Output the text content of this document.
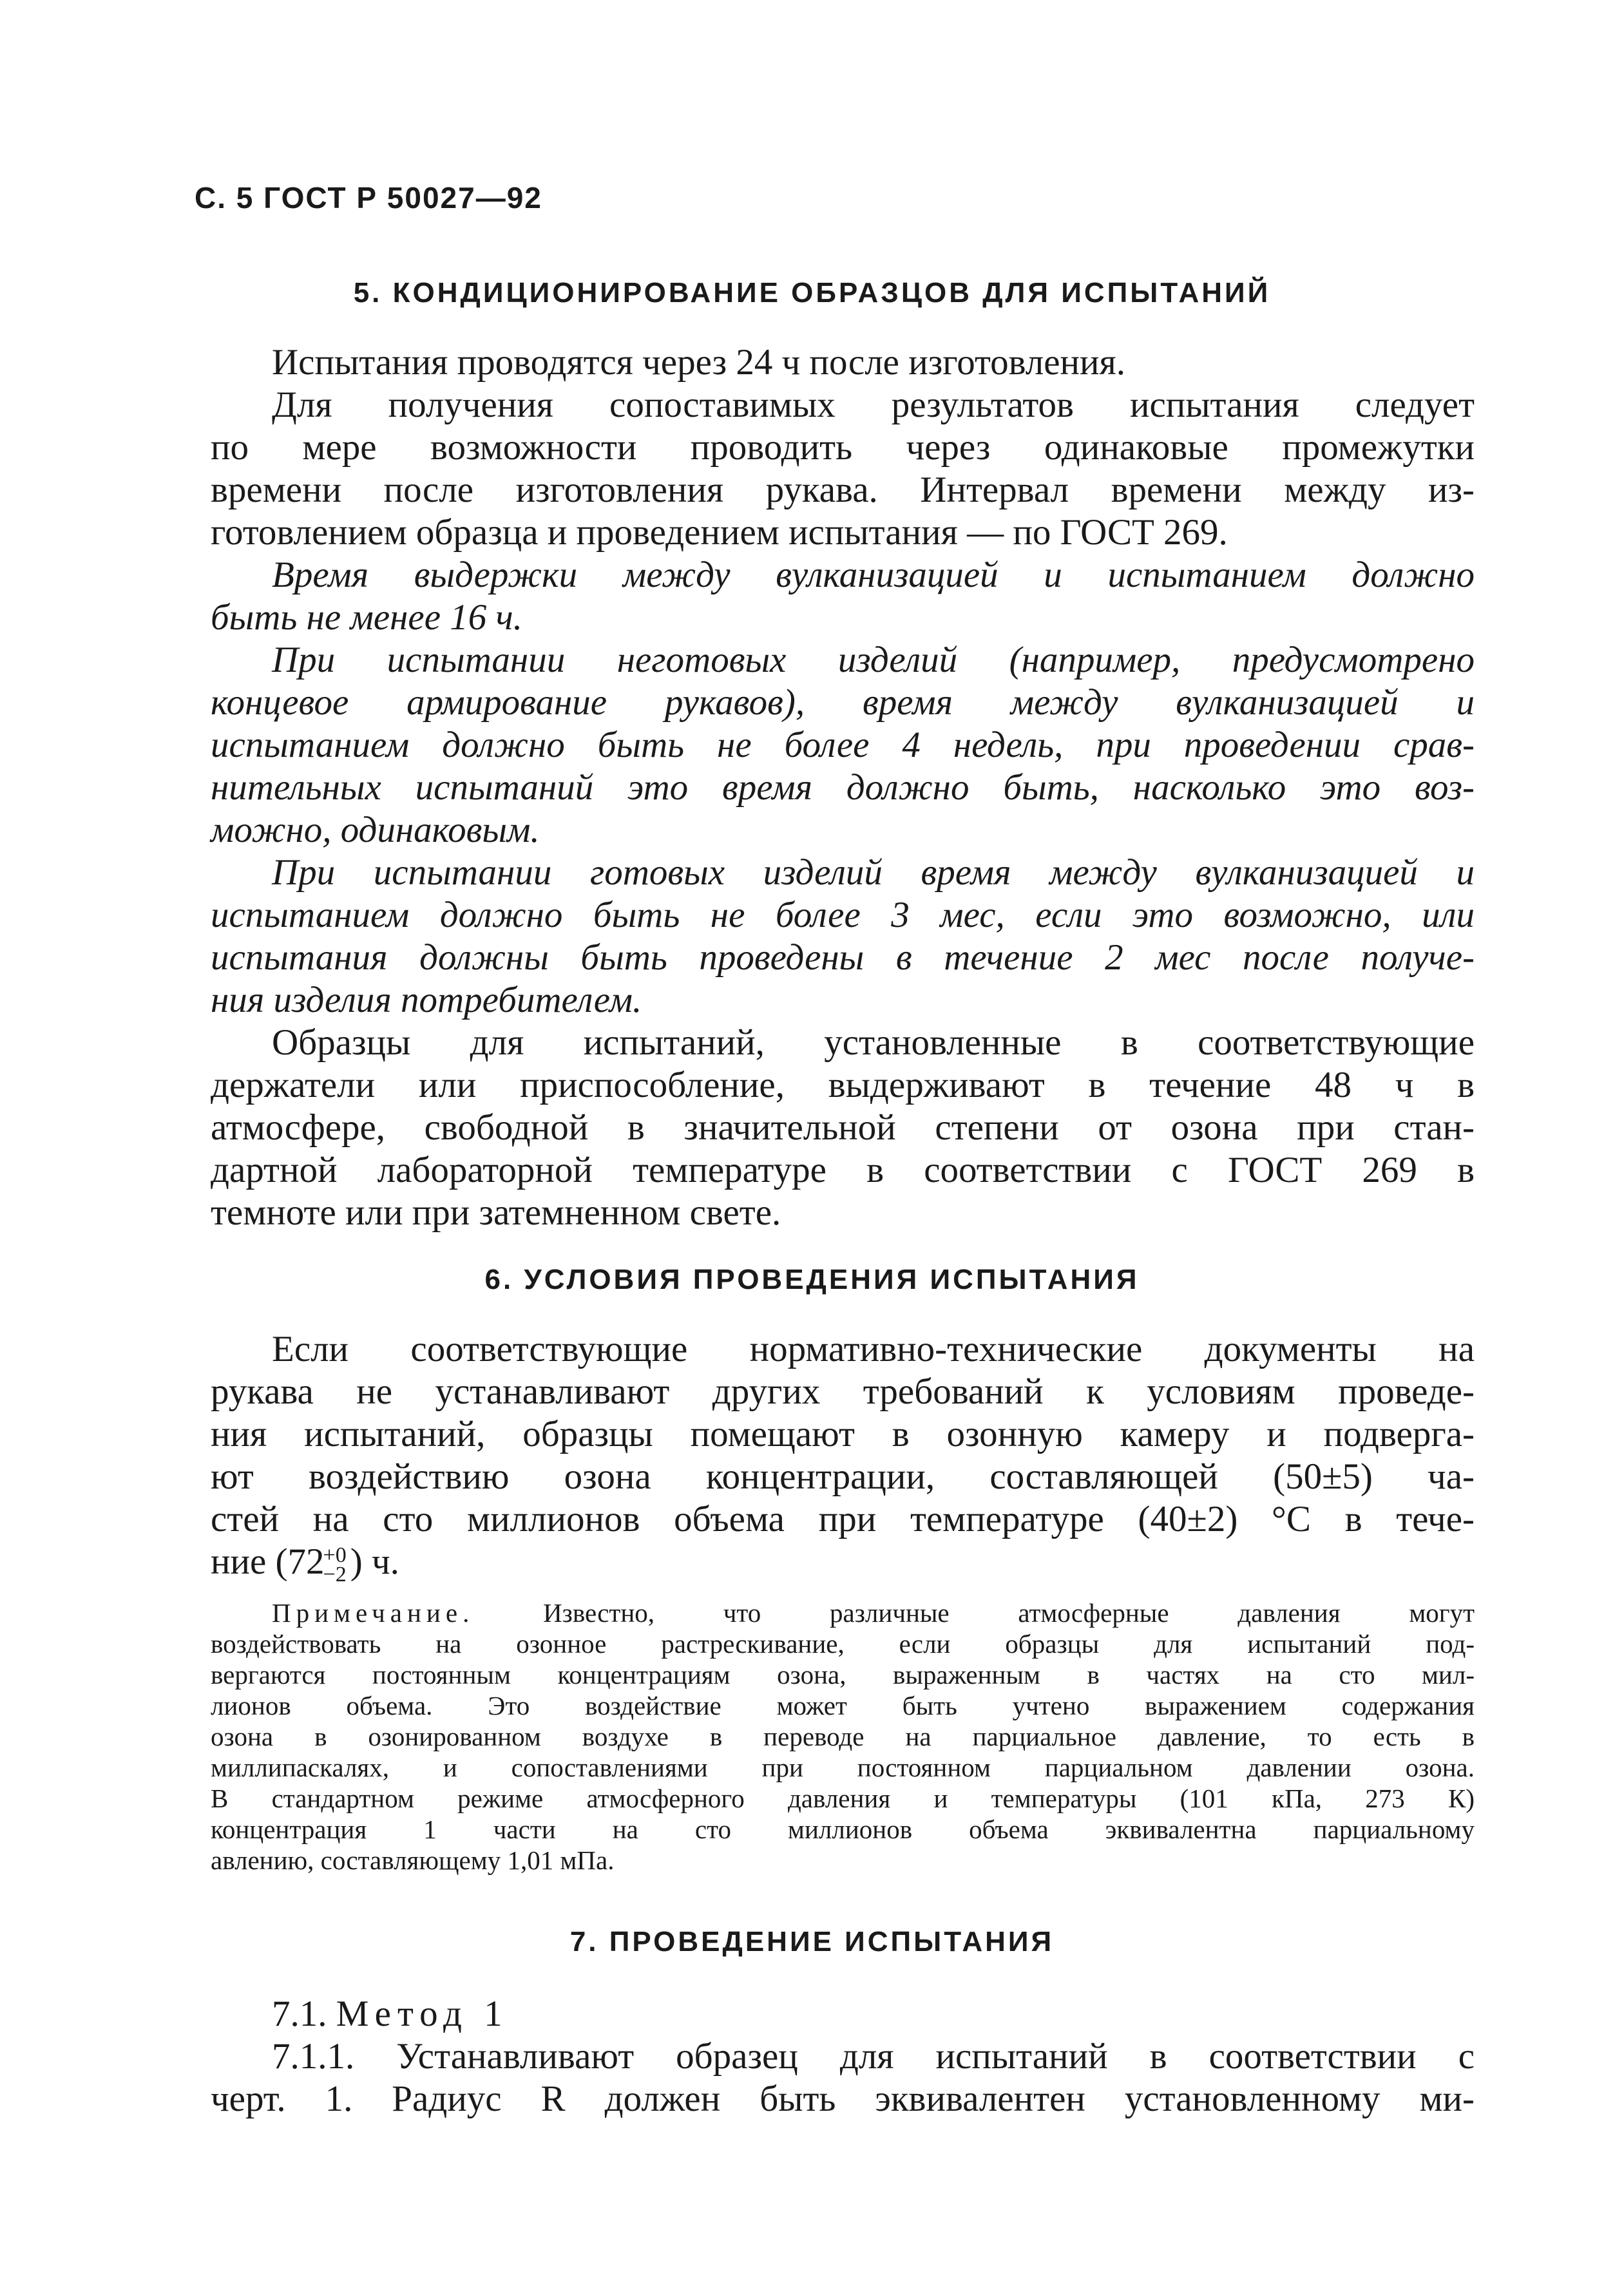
С. 5 ГОСТ Р 50027—92
5. КОНДИЦИОНИРОВАНИЕ ОБРАЗЦОВ ДЛЯ ИСПЫТАНИЙ
Испытания проводятся через 24 ч после изготовления.
Для получения сопоставимых результатов испытания следует
по мере возможности проводить через одинаковые промежутки
времени после изготовления рукава. Интервал времени между из-
готовлением образца и проведением испытания — по ГОСТ 269.
Время выдержки между вулканизацией и испытанием должно
быть не менее 16 ч.
При испытании неготовых изделий (например, предусмотрено
концевое армирование рукавов), время между вулканизацией и
испытанием должно быть не более 4 недель, при проведении срав-
нительных испытаний это время должно быть, насколько это воз-
можно, одинаковым.
При испытании готовых изделий время между вулканизацией и
испытанием должно быть не более 3 мес, если это возможно, или
испытания должны быть проведены в течение 2 мес после получе-
ния изделия потребителем.
Образцы для испытаний, установленные в соответствующие
держатели или приспособление, выдерживают в течение 48 ч в
атмосфере, свободной в значительной степени от озона при стан-
дартной лабораторной температуре в соответствии с ГОСТ 269 в
темноте или при затемненном свете.
6. УСЛОВИЯ ПРОВЕДЕНИЯ ИСПЫТАНИЯ
Если соответствующие нормативно-технические документы на
рукава не устанавливают других требований к условиям проведе-
ния испытаний, образцы помещают в озонную камеру и подверга-
ют воздействию озона концентрации, составляющей (50±5) ча-
стей на сто миллионов объема при температуре (40±2) °С в тече-
ние (72
+0
−2 ) ч.
Примечание.	Известно, что различные атмосферные давления могут
воздействовать на озонное растрескивание, если образцы для испытаний под-
вергаются постоянным концентрациям озона, выраженным в частях на сто мил-
лионов объема. Это воздействие может быть учтено выражением содержания
озона в озонированном воздухе в переводе на парциальное давление, то есть в
миллипаскалях, и сопоставлениями при постоянном парциальном давлении озона.
В стандартном режиме атмосферного давления и температуры (101 кПа, 273 К)
концентрация 1 части на сто миллионов объема эквивалентна парциальному
авлению, составляющему 1,01 мПа.
7. ПРОВЕДЕНИЕ ИСПЫТАНИЯ
7.1. Метод 1
7.1.1. Устанавливают образец для испытаний в соответствии с
черт. 1. Радиус R должен быть эквивалентен установленному ми-
